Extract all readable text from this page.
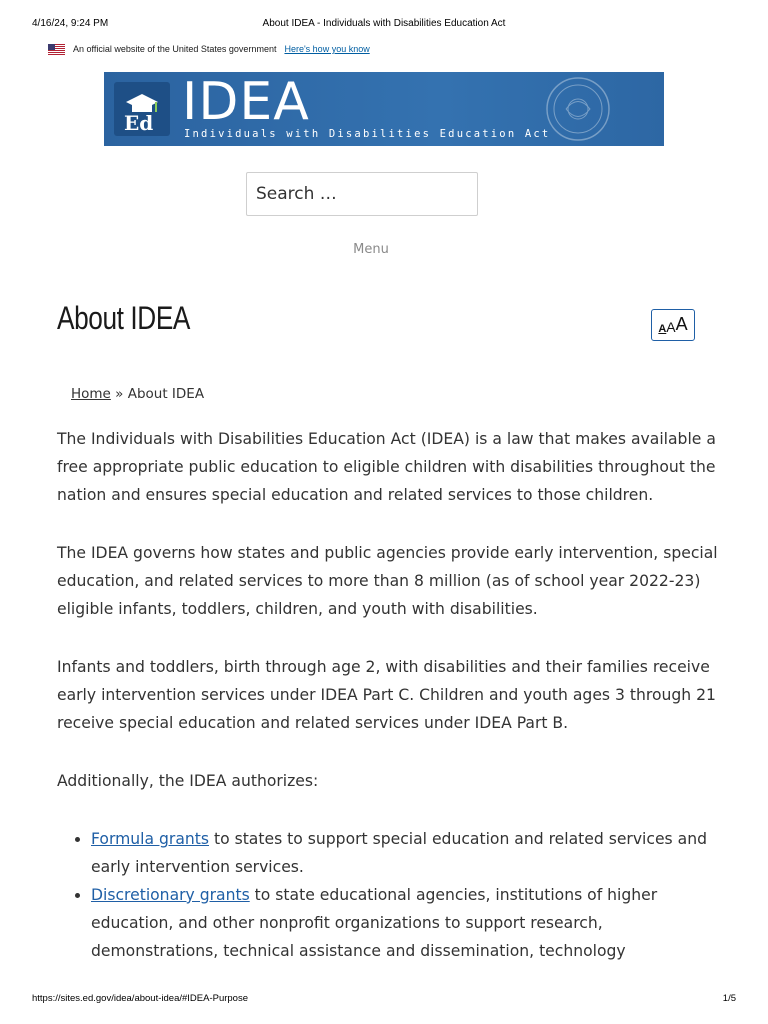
4/16/24, 9:24 PM	About IDEA - Individuals with Disabilities Education Act
An official website of the United States government Here's how you know
Ed IDEA
Individuals with Disabilities Education Act
Search …
Menu
About IDEA	A A A
Home » About IDEA

The Individuals with Disabilities Education Act (IDEA) is a law that makes available a free appropriate public education to eligible children with disabilities throughout the nation and ensures special education and related services to those children.

The IDEA governs how states and public agencies provide early intervention, special education, and related services to more than 8 million (as of school year 2022-23) eligible infants, toddlers, children, and youth with disabilities.

Infants and toddlers, birth through age 2, with disabilities and their families receive early intervention services under IDEA Part C. Children and youth ages 3 through 21 receive special education and related services under IDEA Part B.

Additionally, the IDEA authorizes:

• Formula grants to states to support special education and related services and early intervention services.
• Discretionary grants to state educational agencies, institutions of higher education, and other nonprofit organizations to support research, demonstrations, technical assistance and dissemination, technology
https://sites.ed.gov/idea/about-idea/#IDEA-Purpose	1/5
